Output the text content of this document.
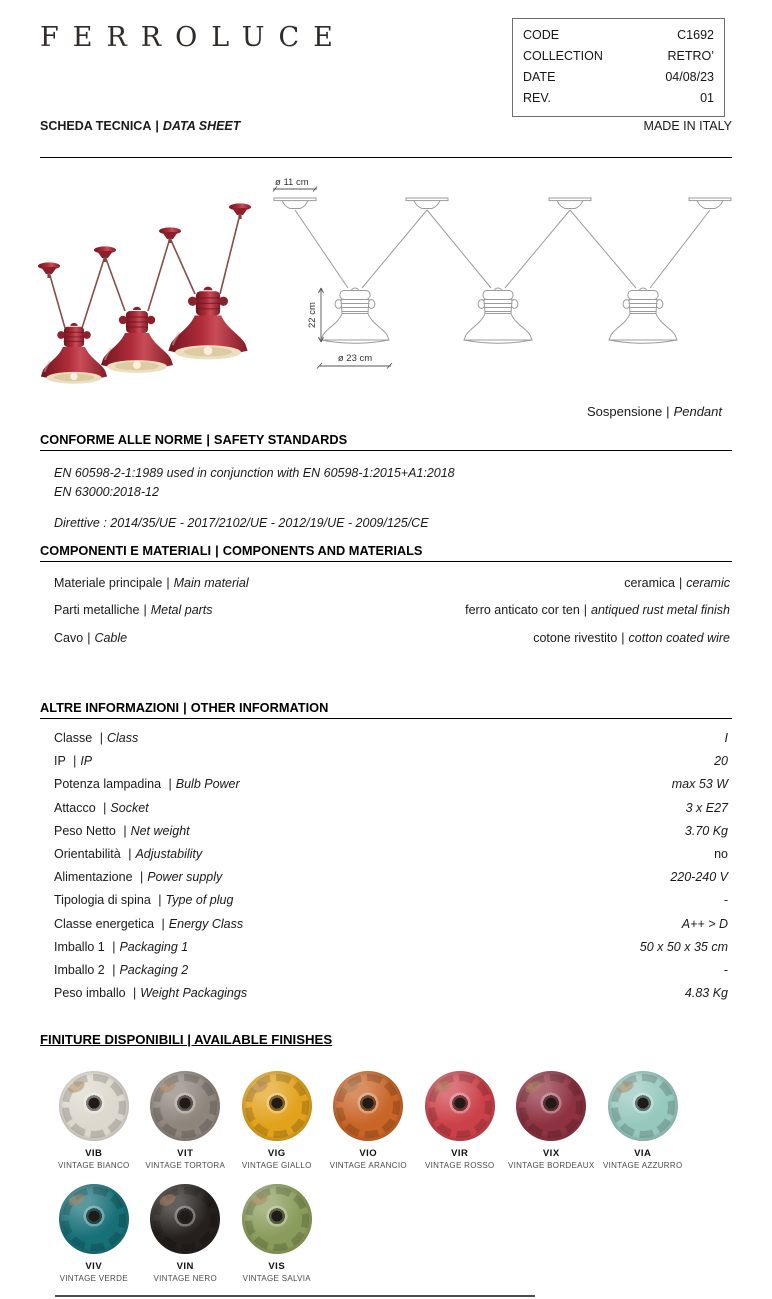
FERROLUCE	CODE	C1692
COLLECTION	RETRO’
DATE	04/08/23
REV.	01
SCHEDA TECNICA | DATA SHEET	MADE IN ITALY
ø 11 cm
22 cm
ø 23 cm
Sospensione | Pendant
CONFORME ALLE NORME | SAFETY STANDARDS
EN 60598-2-1:1989 used in conjunction with EN 60598-1:2015+A1:2018
EN 63000:2018-12
Direttive : 2014/35/UE - 2017/2102/UE - 2012/19/UE - 2009/125/CE
COMPONENTI E MATERIALI | COMPONENTS AND MATERIALS
Materiale principale | Main material	ceramica | ceramic
Parti metalliche | Metal parts	ferro anticato cor ten | antiqued rust metal finish
Cavo | Cable	cotone rivestito | cotton coated wire
ALTRE INFORMAZIONI | OTHER INFORMATION
Classe | Class	I
IP | IP	20
Potenza lampadina | Bulb Power	max 53 W
Attacco | Socket	3 x E27
Peso Netto | Net weight	3.70 Kg
Orientabilità | Adjustability	no
Alimentazione | Power supply	220-240 V
Tipologia di spina | Type of plug	-
Classe energetica | Energy Class	A++ > D
Imballo 1 | Packaging 1	50 x 50 x 35 cm
Imballo 2 | Packaging 2	-
Peso imballo | Weight Packagings	4.83 Kg
FINITURE DISPONIBILI | AVAILABLE FINISHES
VIB
VINTAGE BIANCO
VIT
VINTAGE TORTORA
VIG
VINTAGE GIALLO
VIO
VINTAGE ARANCIO
VIR
VINTAGE ROSSO
VIX
VINTAGE BORDEAUX
VIA
VINTAGE AZZURRO
VIV
VINTAGE VERDE
VIN
VINTAGE NERO
VIS
VINTAGE SALVIA
